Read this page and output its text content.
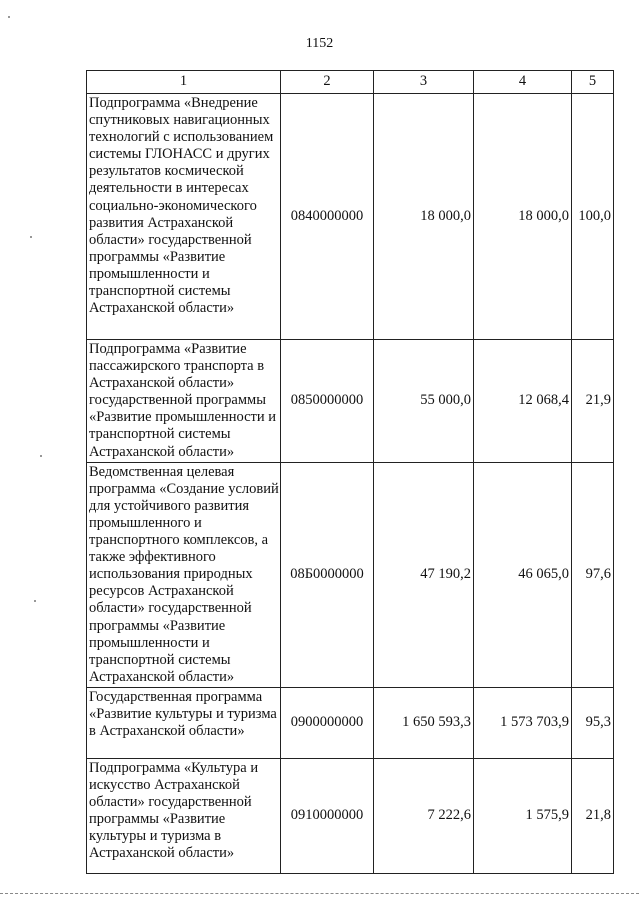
1152
1	2	3	4	5
Подпрограмма «Внедрение спутниковых навигационных технологий с использованием системы ГЛОНАСС и других результатов космической деятельности в интересах социально-экономического развития Астраханской области» государственной программы «Развитие промышленности и транспортной системы Астраханской области»	0840000000	18 000,0	18 000,0	100,0
Подпрограмма «Развитие пассажирского транспорта в Астраханской области» государственной программы «Развитие промышленности и транспортной системы Астраханской области»	0850000000	55 000,0	12 068,4	21,9
Ведомственная целевая программа «Создание условий для устойчивого развития промышленного и транспортного комплексов, а также эффективного использования природных ресурсов Астраханской области» государственной программы «Развитие промышленности и транспортной системы Астраханской области»	08Б0000000	47 190,2	46 065,0	97,6
Государственная программа «Развитие культуры и туризма в Астраханской области»	0900000000	1 650 593,3	1 573 703,9	95,3
Подпрограмма «Культура и искусство Астраханской области» государственной программы «Развитие культуры и туризма в Астраханской области»	0910000000	7 222,6	1 575,9	21,8
